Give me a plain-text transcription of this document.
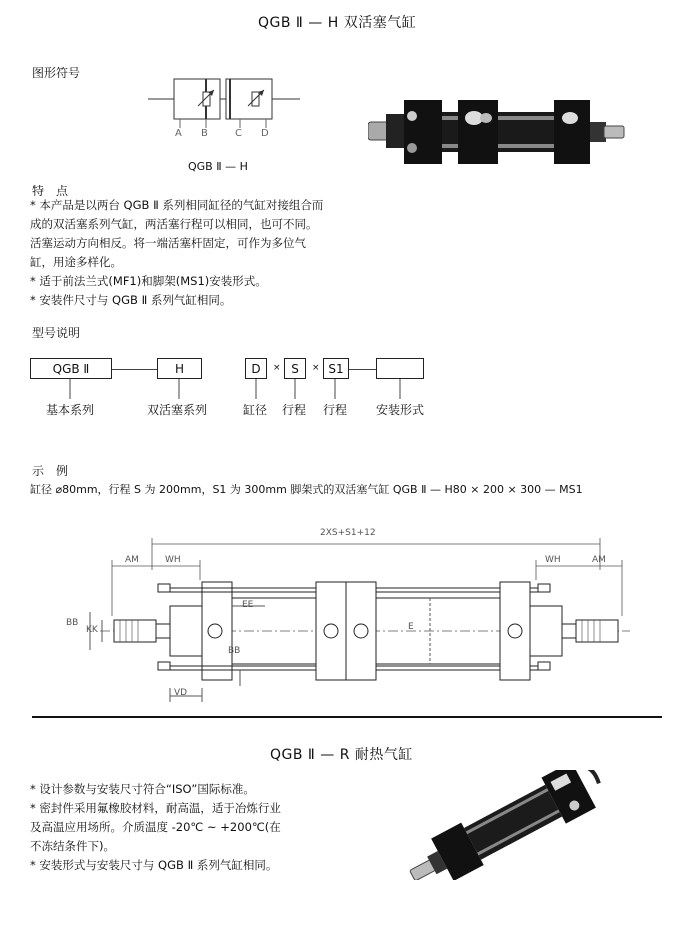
QGB Ⅱ — H 双活塞气缸
图形符号
A B	C D
QGB Ⅱ — H
特　点
* 本产品是以两台 QGB Ⅱ 系列相同缸径的气缸对接组合而
成的双活塞系列气缸，两活塞行程可以相同，也可不同。
活塞运动方向相反。将一端活塞杆固定，可作为多位气
缸，用途多样化。
* 适于前法兰式(MF1)和脚架(MS1)安装形式。
* 安装件尺寸与 QGB Ⅱ 系列气缸相同。
型号说明
QGB Ⅱ	H	D	× S	× S1
基本系列	双活塞系列	缸径 行程 行程 安装形式
示　例
缸径 ⌀80mm，行程 S 为 200mm，S1 为 300mm 脚架式的双活塞气缸 QGB Ⅱ — H80 × 200 × 300 — MS1
2XS+S1+12
AM	WH	WH	AM
EE
BB
KK
BB
E
VD
QGB Ⅱ — R 耐热气缸
* 设计参数与安装尺寸符合“ISO”国际标准。
* 密封件采用氟橡胶材料，耐高温，适于冶炼行业
及高温应用场所。介质温度 -20℃ ~ +200℃(在
不冻结条件下)。
* 安装形式与安装尺寸与 QGB Ⅱ 系列气缸相同。
